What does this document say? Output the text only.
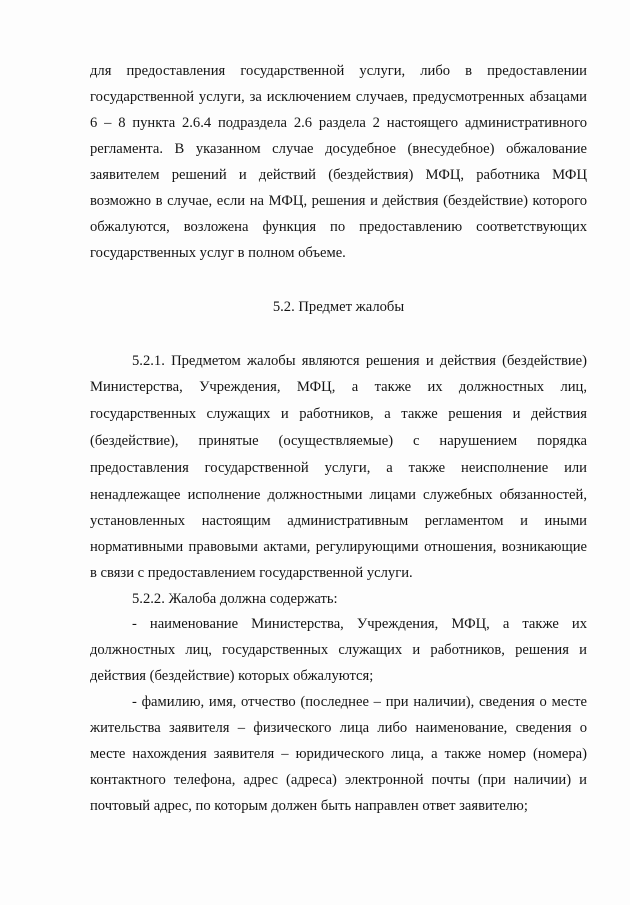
для предоставления государственной услуги, либо в предоставлении
государственной услуги, за исключением случаев, предусмотренных абзацами
6 – 8 пункта 2.6.4 подраздела 2.6 раздела 2 настоящего административного
регламента. В указанном случае досудебное (внесудебное) обжалование
заявителем решений и действий (бездействия) МФЦ, работника МФЦ
возможно в случае, если на МФЦ, решения и действия (бездействие) которого
обжалуются, возложена функция по предоставлению соответствующих
государственных услуг в полном объеме.
5.2. Предмет жалобы
5.2.1. Предметом жалобы являются решения и действия (бездействие)
Министерства, Учреждения, МФЦ, а также их должностных лиц,
государственных служащих и работников, а также решения и действия
(бездействие), принятые (осуществляемые) с нарушением порядка
предоставления государственной услуги, а также неисполнение или
ненадлежащее исполнение должностными лицами служебных обязанностей,
установленных настоящим административным регламентом и иными
нормативными правовыми актами, регулирующими отношения, возникающие
в связи с предоставлением государственной услуги.
5.2.2. Жалоба должна содержать:
- наименование Министерства, Учреждения, МФЦ, а также их
должностных лиц, государственных служащих и работников, решения и
действия (бездействие) которых обжалуются;
- фамилию, имя, отчество (последнее – при наличии), сведения о месте
жительства заявителя – физического лица либо наименование, сведения о
месте нахождения заявителя – юридического лица, а также номер (номера)
контактного телефона, адрес (адреса) электронной почты (при наличии) и
почтовый адрес, по которым должен быть направлен ответ заявителю;
